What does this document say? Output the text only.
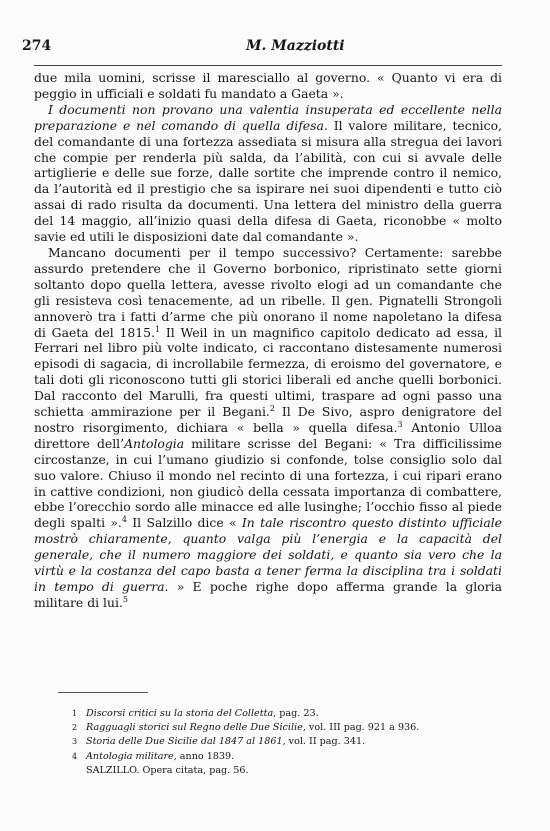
274	M. Mazziotti

due mila uomini, scrisse il maresciallo al governo. « Quanto vi era di peggio in ufficiali e soldati fu mandato a Gaeta ».

I documenti non provano una valentia insuperata ed eccellente nella preparazione e nel comando di quella difesa. Il valore militare, tecnico, del comandante di una fortezza assediata si misura alla stregua dei lavori che compie per renderla più salda, da l’abilità, con cui si avvale delle artiglierie e delle sue forze, dalle sortite che imprende contro il nemico, da l’autorità ed il prestigio che sa ispirare nei suoi dipendenti e tutto ciò assai di rado risulta da documenti. Una lettera del ministro della guerra del 14 maggio, all’inizio quasi della difesa di Gaeta, riconobbe « molto savie ed utili le disposizioni date dal comandante ».

Mancano documenti per il tempo successivo? Certamente: sarebbe assurdo pretendere che il Governo borbonico, ripristinato sette giorni soltanto dopo quella lettera, avesse rivolto elogi ad un comandante che gli resisteva così tenacemente, ad un ribelle. Il gen. Pignatelli Strongoli annoverò tra i fatti d’arme che più onorano il nome napoletano la difesa di Gaeta del 1815.$^1$ Il Weil in un magnifico capitolo dedicato ad essa, il Ferrari nel libro più volte indicato, ci raccontano distesamente numerosi episodi di sagacia, di incrollabile fermezza, di eroismo del governatore, e tali doti gli riconoscono tutti gli storici liberali ed anche quelli borbonici. Dal racconto del Marulli, fra questi ultimi, traspare ad ogni passo una schietta ammirazione per il Begani.$^2$ Il De Sivo, aspro denigratore del nostro risorgimento, dichiara « bella » quella difesa.$^3$ Antonio Ulloa direttore dell’Antologia militare scrisse del Begani: « Tra difficilissime circostanze, in cui l’umano giudizio si confonde, tolse consiglio solo dal suo valore. Chiuso il mondo nel recinto di una fortezza, i cui ripari erano in cattive condizioni, non giudicò della cessata importanza di combattere, ebbe l’orecchio sordo alle minacce ed alle lusinghe; l’occhio fisso al piede degli spalti ».$^4$ Il Salzillo dice « In tale riscontro questo distinto ufficiale mostrò chiaramente, quanto valga più l’energia e la capacità del generale, che il numero maggiore dei soldati, e quanto sia vero che la virtù e la costanza del capo basta a tener ferma la disciplina tra i soldati in tempo di guerra. » E poche righe dopo afferma grande la gloria militare di lui.$^5$

1 Discorsi critici su la storia del Colletta, pag. 23.
2 Ragguagli storici sul Regno delle Due Sicilie, vol. III pag. 921 a 936.
3 Storia delle Due Sicilie dal 1847 al 1861, vol. II pag. 341.
4 Antologia militare, anno 1839.
SALZILLO. Opera citata, pag. 56.
